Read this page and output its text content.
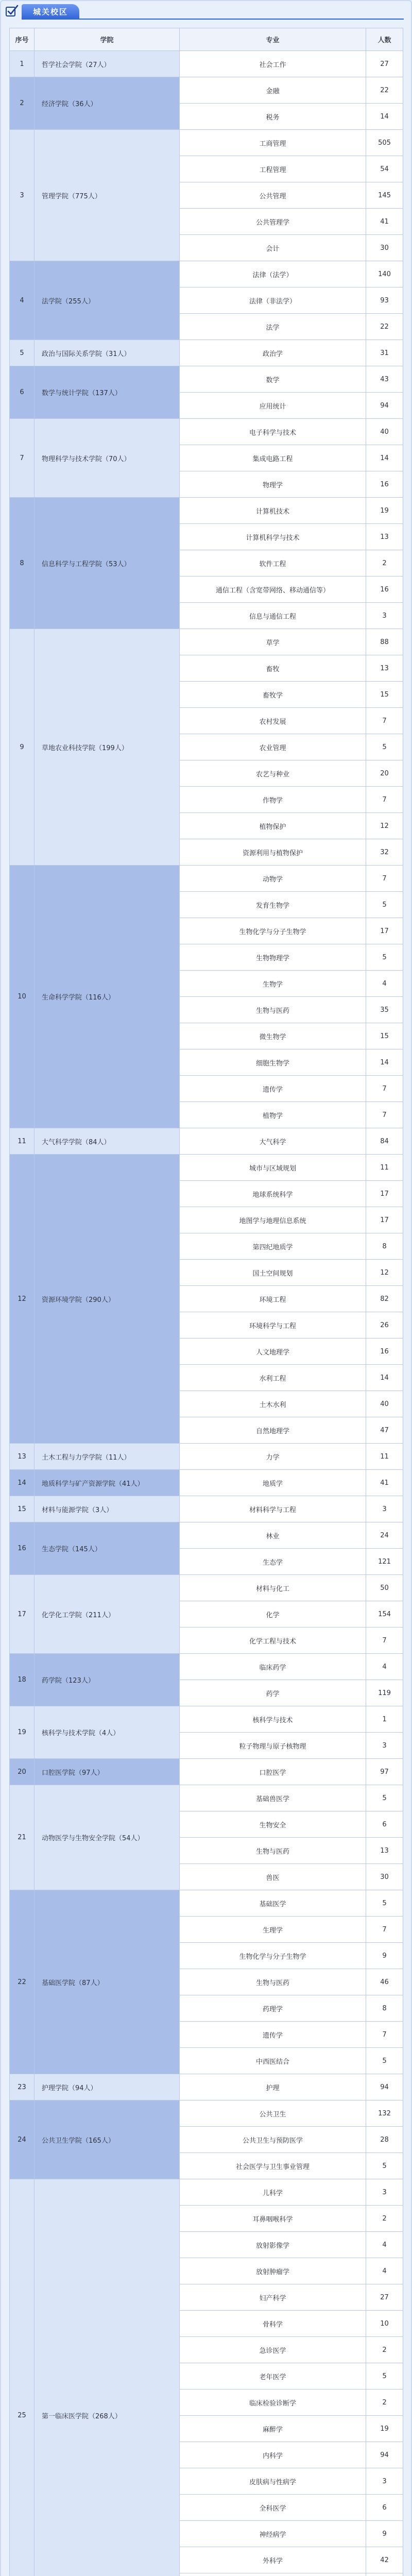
城关校区
序号	学院	专业	人数
1	哲学社会学院（27人）	社会工作	27
2	经济学院（36人）
金融	22
税务	14
3	管理学院（775人）
工商管理	505
工程管理	54
公共管理	145
公共管理学	41
会计	30
4	法学院（255人）
法律（法学）	140
法律（非法学）	93
法学	22
5	政治与国际关系学院（31人）	政治学	31
6	数学与统计学院（137人）
数学	43
应用统计	94
7	物理科学与技术学院（70人）
电子科学与技术	40
集成电路工程	14
物理学	16
8	信息科学与工程学院（53人）
计算机技术	19
计算机科学与技术	13
软件工程	2
通信工程（含宽带网络、移动通信等）	16
信息与通信工程	3
9	草地农业科技学院（199人）
草学	88
畜牧	13
畜牧学	15
农村发展	7
农业管理	5
农艺与种业	20
作物学	7
植物保护	12
资源利用与植物保护	32
10	生命科学学院（116人）
动物学	7
发育生物学	5
生物化学与分子生物学	17
生物物理学	5
生物学	4
生物与医药	35
微生物学	15
细胞生物学	14
遗传学	7
植物学	7
11	大气科学学院（84人）	大气科学	84
12	资源环境学院（290人）
城市与区域规划	11
地球系统科学	17
地图学与地理信息系统	17
第四纪地质学	8
国土空间规划	12
环境工程	82
环境科学与工程	26
人文地理学	16
水利工程	14
土木水利	40
自然地理学	47
13	土木工程与力学学院（11人）	力学	11
14	地质科学与矿产资源学院（41人）	地质学	41
15	材料与能源学院（3人）	材料科学与工程	3
16	生态学院（145人）
林业	24
生态学	121
17	化学化工学院（211人）
材料与化工	50
化学	154
化学工程与技术	7
18	药学院（123人）
临床药学	4
药学	119
19	核科学与技术学院（4人）
核科学与技术	1
粒子物理与原子核物理	3
20	口腔医学院（97人）	口腔医学	97
21	动物医学与生物安全学院（54人）
基础兽医学	5
生物安全	6
生物与医药	13
兽医	30
22	基础医学院（87人）
基础医学	5
生理学	7
生物化学与分子生物学	9
生物与医药	46
药理学	8
遗传学	7
中西医结合	5
23	护理学院（94人）	护理	94
24	公共卫生学院（165人）
公共卫生	132
公共卫生与预防医学	28
社会医学与卫生事业管理	5
25	第一临床医学院（268人）
儿科学	3
耳鼻咽喉科学	2
放射影像学	4
放射肿瘤学	4
妇产科学	27
骨科学	10
急诊医学	2
老年医学	5
临床检验诊断学	2
麻醉学	19
内科学	94
皮肤病与性病学	3
全科医学	6
神经病学	9
外科学	42
